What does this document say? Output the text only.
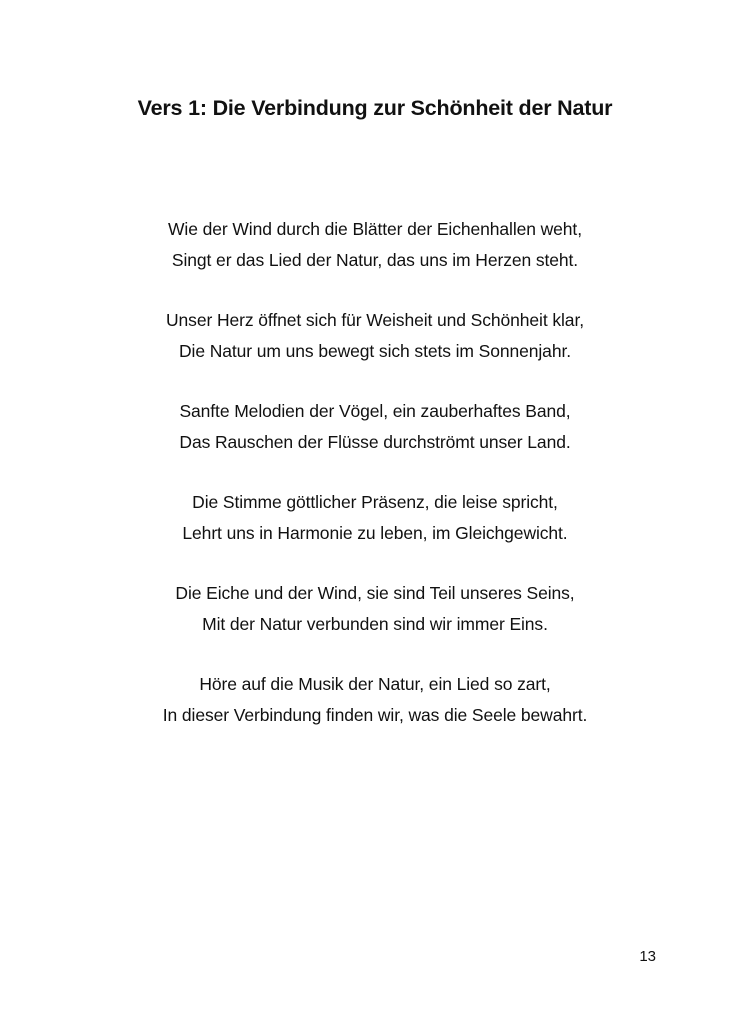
Vers 1: Die Verbindung zur Schönheit der Natur
Wie der Wind durch die Blätter der Eichenhallen weht,
Singt er das Lied der Natur, das uns im Herzen steht.
Unser Herz öffnet sich für Weisheit und Schönheit klar,
Die Natur um uns bewegt sich stets im Sonnenjahr.
Sanfte Melodien der Vögel, ein zauberhaftes Band,
Das Rauschen der Flüsse durchströmt unser Land.
Die Stimme göttlicher Präsenz, die leise spricht,
Lehrt uns in Harmonie zu leben, im Gleichgewicht.
Die Eiche und der Wind, sie sind Teil unseres Seins,
Mit der Natur verbunden sind wir immer Eins.
Höre auf die Musik der Natur, ein Lied so zart,
In dieser Verbindung finden wir, was die Seele bewahrt.
13
